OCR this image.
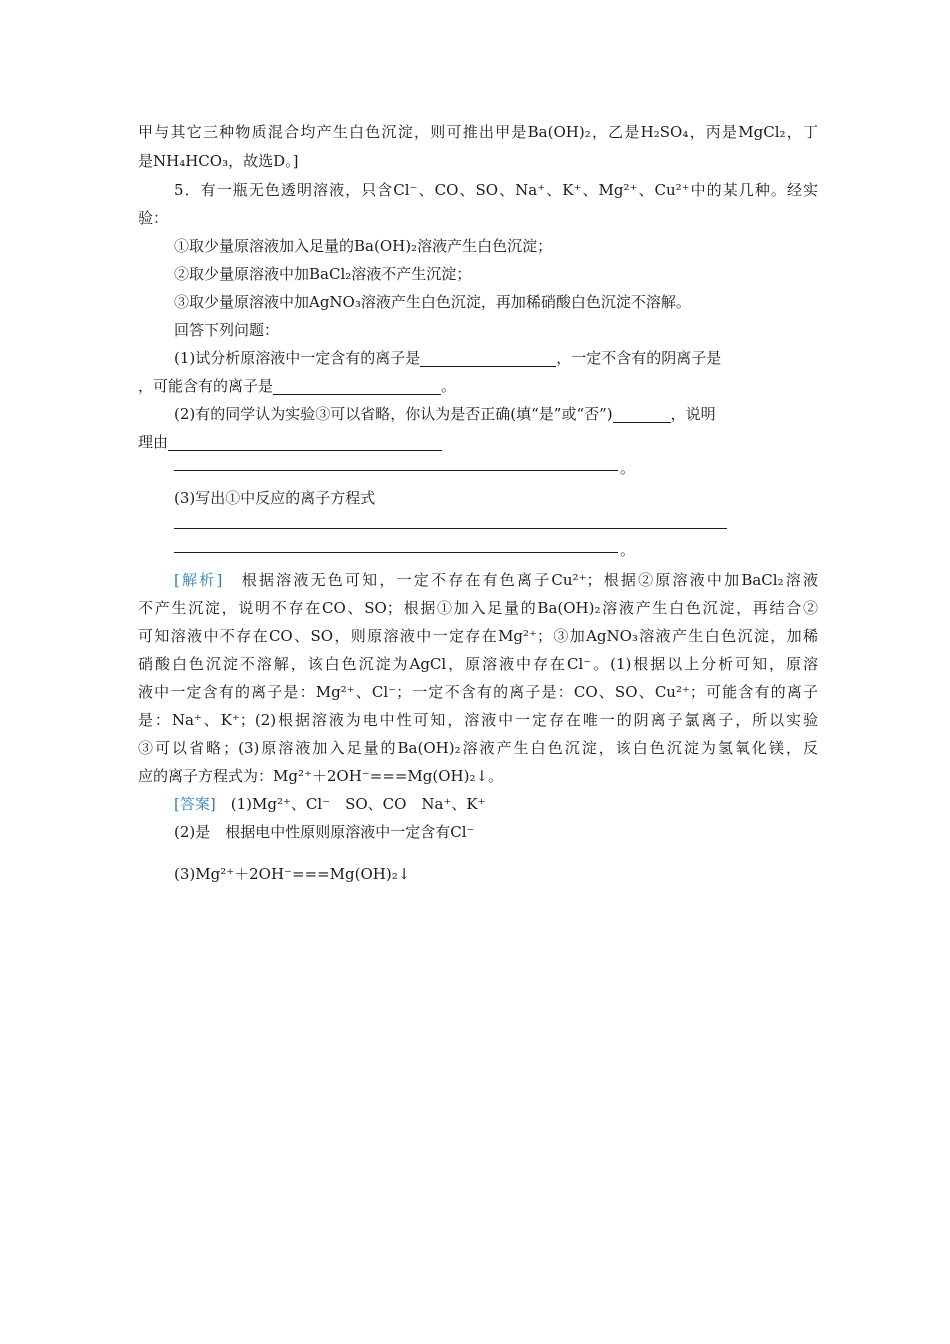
甲与其它三种物质混合均产生白色沉淀，则可推出甲是Ba(OH)₂，乙是H₂SO₄，丙是MgCl₂，丁
是NH₄HCO₃，故选D。]
5．有一瓶无色透明溶液，只含Cl⁻、CO、SO、Na⁺、K⁺、Mg²⁺、Cu²⁺中的某几种。经实
验：
①取少量原溶液加入足量的Ba(OH)₂溶液产生白色沉淀；
②取少量原溶液中加BaCl₂溶液不产生沉淀；
③取少量原溶液中加AgNO₃溶液产生白色沉淀，再加稀硝酸白色沉淀不溶解。
回答下列问题：
(1)试分析原溶液中一定含有的离子是	，一定不含有的阴离子是
，可能含有的离子是	。
(2)有的同学认为实验③可以省略，你认为是否正确(填“是”或“否”)	，说明
理由
。
(3)写出①中反应的离子方程式
。
[解析]　 根据溶液无色可知，一定不存在有色离子Cu²⁺；根据②原溶液中加BaCl₂溶液
不产生沉淀，说明不存在CO、SO；根据①加入足量的Ba(OH)₂溶液产生白色沉淀，再结合②
可知溶液中不存在CO、SO，则原溶液中一定存在Mg²⁺；③加AgNO₃溶液产生白色沉淀，加稀
硝酸白色沉淀不溶解，该白色沉淀为AgCl，原溶液中存在Cl⁻。(1)根据以上分析可知，原溶
液中一定含有的离子是：Mg²⁺、Cl⁻；一定不含有的离子是：CO、SO、Cu²⁺；可能含有的离子
是：Na⁺、K⁺；(2)根据溶液为电中性可知，溶液中一定存在唯一的阴离子氯离子，所以实验
③可以省略；(3)原溶液加入足量的Ba(OH)₂溶液产生白色沉淀，该白色沉淀为氢氧化镁，反
应的离子方程式为：Mg²⁺＋2OH⁻===Mg(OH)₂↓。
[答案]　 (1)Mg²⁺、Cl⁻　SO、CO　Na⁺、K⁺
(2)是　根据电中性原则原溶液中一定含有Cl⁻
(3)Mg²⁺＋2OH⁻===Mg(OH)₂↓
